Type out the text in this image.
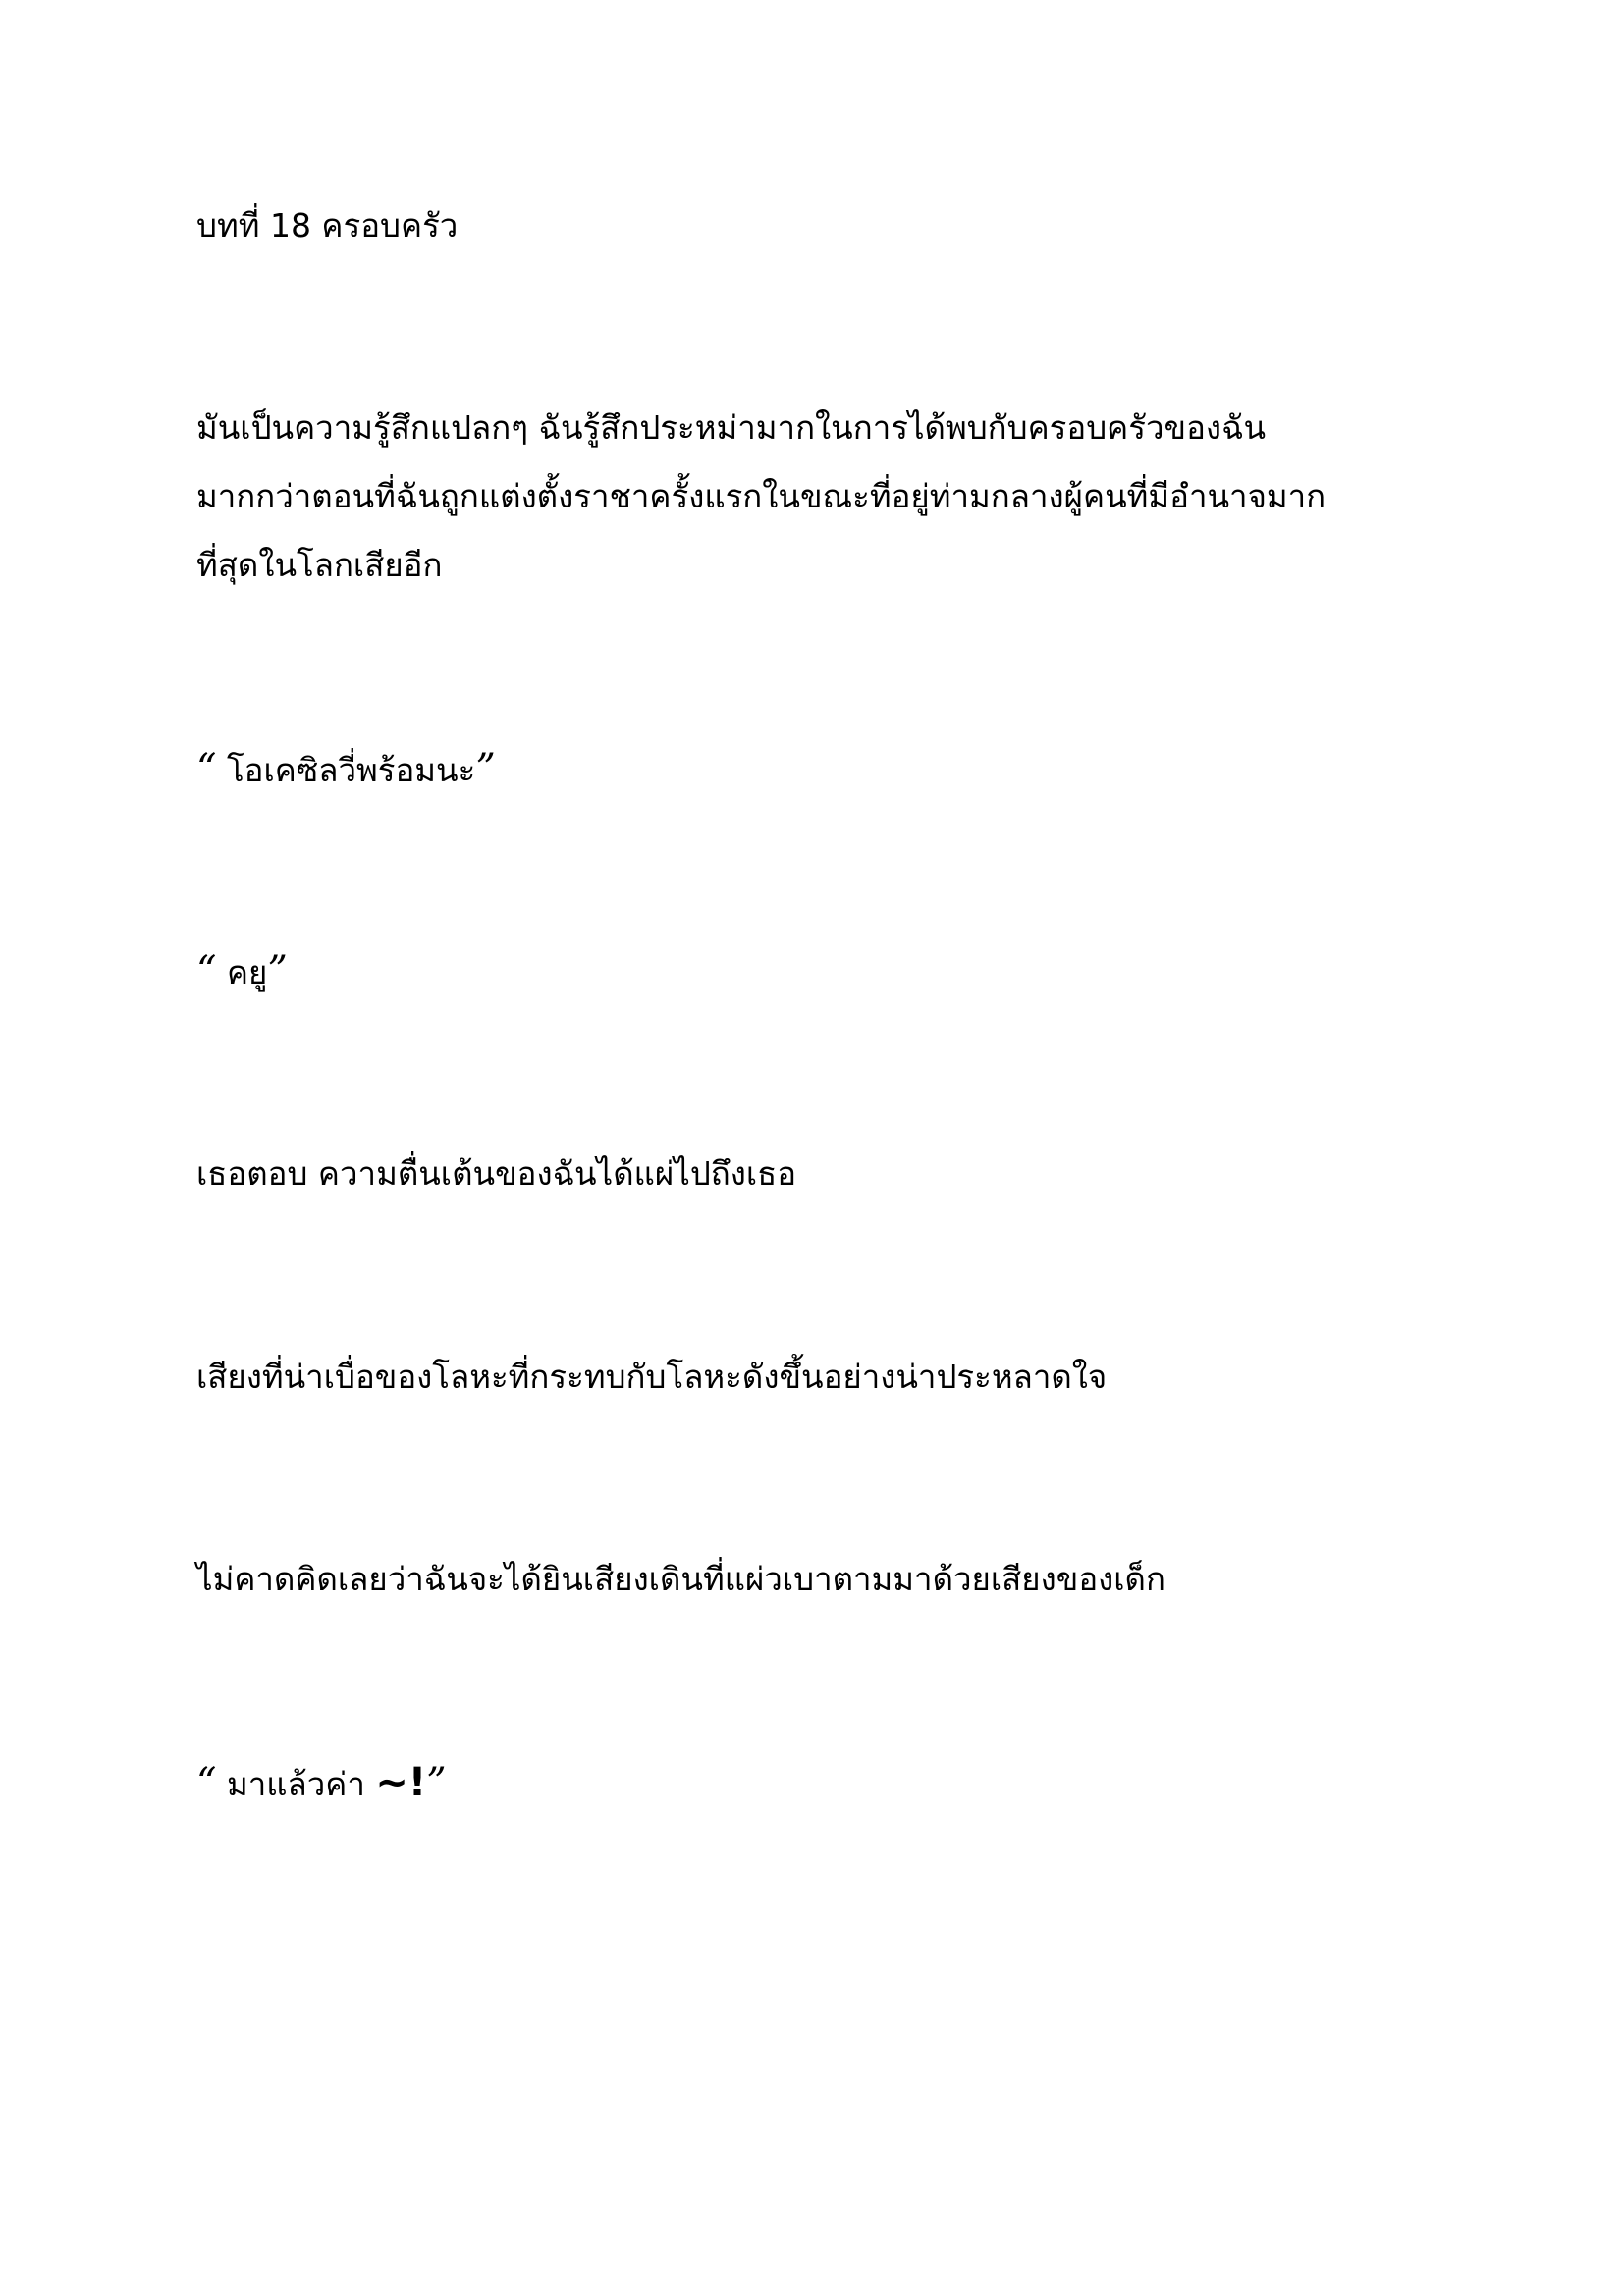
บทที่ 18 ครอบครัว

มันเป็นความรู้สึกแปลกๆ ฉันรู้สึกประหม่ามากในการได้พบกับครอบครัวของฉัน

มากกว่าตอนที่ฉันถูกแต่งตั้งราชาครั้งแรกในขณะที่อยู่ท่ามกลางผู้คนที่มีอำนาจมาก

ที่สุดในโลกเสียอีก

“ โอเคซิลวี่พร้อมนะ”

“ คยู”

เธอตอบ ความตื่นเต้นของฉันได้แผ่ไปถึงเธอ

เสียงที่น่าเบื่อของโลหะที่กระทบกับโลหะดังขึ้นอย่างน่าประหลาดใจ

ไม่คาดคิดเลยว่าฉันจะได้ยินเสียงเดินที่แผ่วเบาตามมาด้วยเสียงของเด็ก

“ มาแล้วค่า ~!”
